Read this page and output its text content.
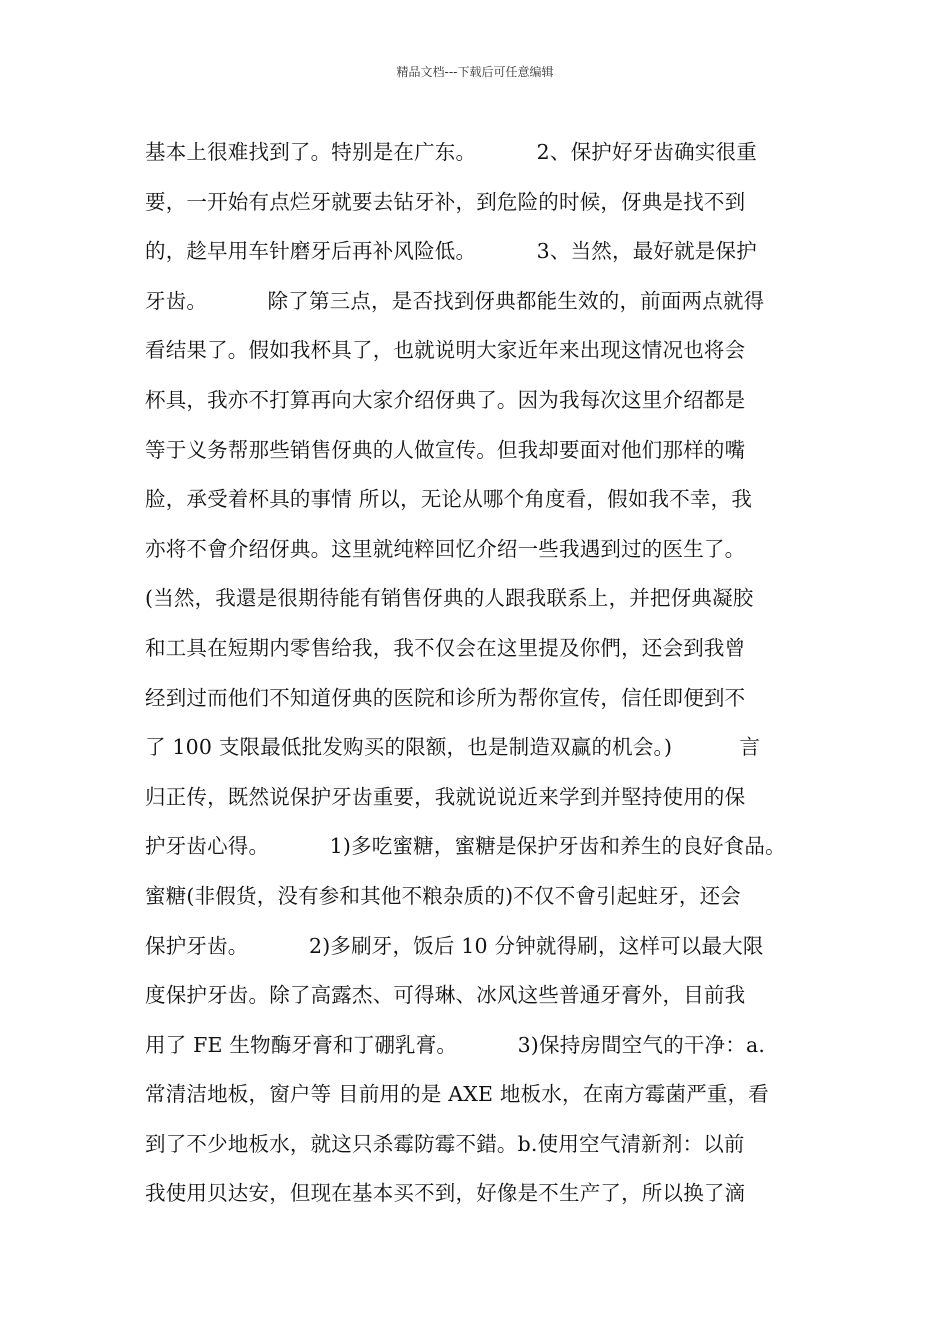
精品文档---下载后可任意编辑
基本上很难找到了。特别是在广东。         2、保护好牙齿确实很重
要，一开始有点烂牙就要去钻牙补，到危险的时候，伢典是找不到
的，趁早用车针磨牙后再补风险低。         3、当然，最好就是保护
牙齿。         除了第三点，是否找到伢典都能生效的，前面两点就得
看结果了。假如我杯具了，也就说明大家近年来出现这情况也将会
杯具，我亦不打算再向大家介绍伢典了。因为我每次这里介绍都是
等于义务帮那些销售伢典的人做宣传。但我却要面对他们那样的嘴
脸，承受着杯具的事情 所以，无论从哪个角度看，假如我不幸，我
亦将不會介绍伢典。这里就纯粹回忆介绍一些我遇到过的医生了。
(当然，我還是很期待能有销售伢典的人跟我联系上，并把伢典凝胶
和工具在短期内零售给我，我不仅会在这里提及你們，还会到我曾
经到过而他们不知道伢典的医院和诊所为帮你宣传，信任即便到不
了 100 支限最低批发购买的限额，也是制造双赢的机会。)          言
归正传，既然说保护牙齿重要，我就说说近来学到并堅持使用的保
护牙齿心得。         1)多吃蜜糖，蜜糖是保护牙齿和养生的良好食品。
蜜糖(非假货，没有参和其他不粮杂质的)不仅不會引起蛀牙，还会
保护牙齿。         2)多刷牙，饭后 10 分钟就得刷，这样可以最大限
度保护牙齿。除了高露杰、可得琳、冰风这些普通牙膏外，目前我
用了 FE 生物酶牙膏和丁硼乳膏。         3)保持房間空气的干净：a.
常清洁地板，窗户等 目前用的是 AXE 地板水，在南方霉菌严重，看
到了不少地板水，就这只杀霉防霉不錯。b.使用空气清新剂：以前
我使用贝达安，但现在基本买不到，好像是不生产了，所以换了滴
